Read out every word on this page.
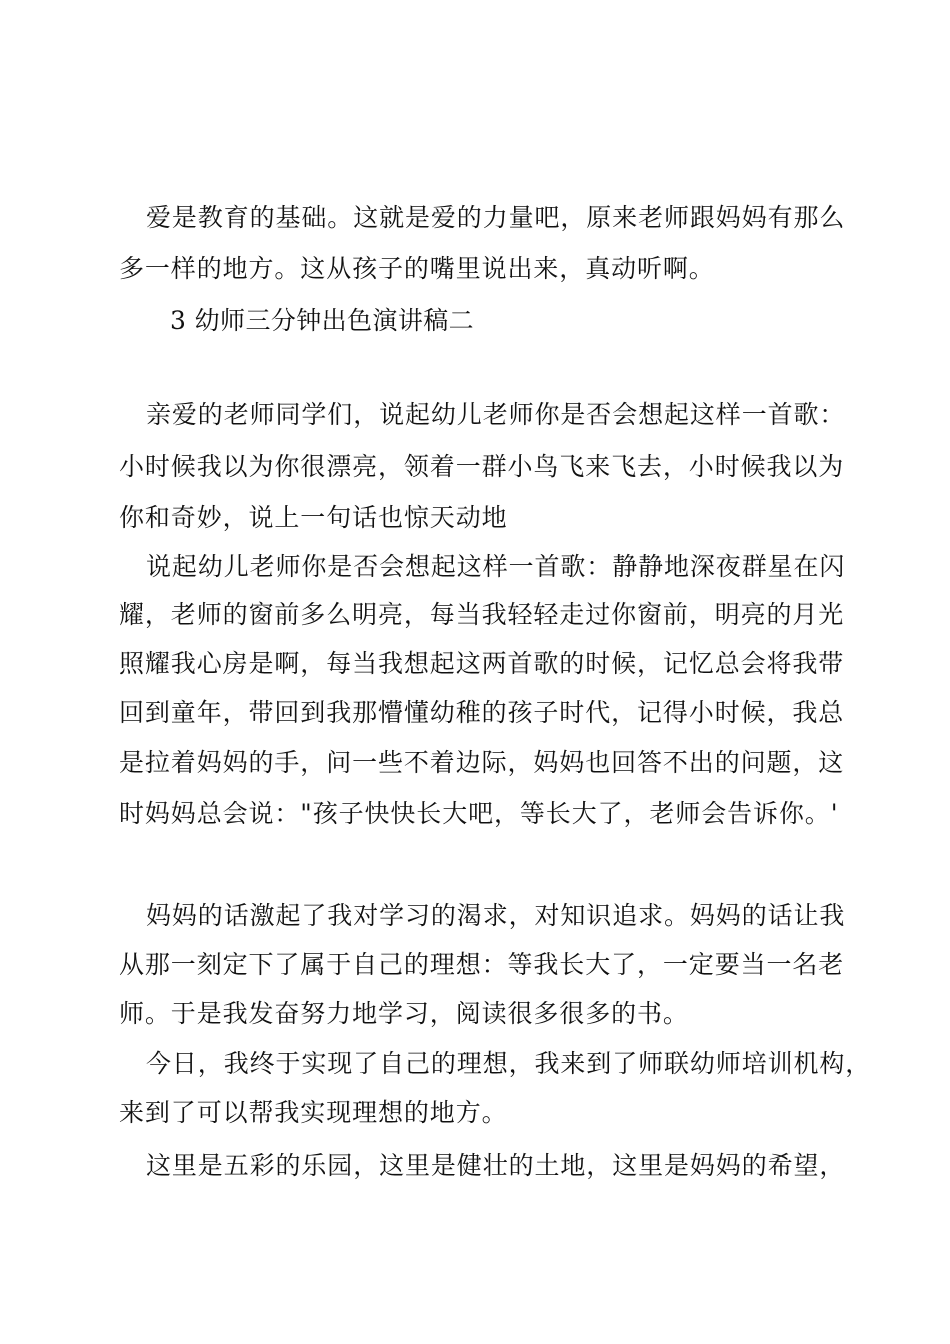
爱是教育的基础。这就是爱的力量吧，原来老师跟妈妈有那么
多一样的地方。这从孩子的嘴里说出来，真动听啊。
3 幼师三分钟出色演讲稿二
亲爱的老师同学们，说起幼儿老师你是否会想起这样一首歌：
小时候我以为你很漂亮，领着一群小鸟飞来飞去，小时候我以为
你和奇妙，说上一句话也惊天动地
说起幼儿老师你是否会想起这样一首歌：静静地深夜群星在闪
耀，老师的窗前多么明亮，每当我轻轻走过你窗前，明亮的月光
照耀我心房是啊，每当我想起这两首歌的时候，记忆总会将我带
回到童年，带回到我那懵懂幼稚的孩子时代，记得小时候，我总
是拉着妈妈的手，问一些不着边际，妈妈也回答不出的问题，这
时妈妈总会说："孩子快快长大吧，等长大了，老师会告诉你。'
妈妈的话激起了我对学习的渴求，对知识追求。妈妈的话让我
从那一刻定下了属于自己的理想：等我长大了，一定要当一名老
师。于是我发奋努力地学习，阅读很多很多的书。
今日，我终于实现了自己的理想，我来到了师联幼师培训机构，
来到了可以帮我实现理想的地方。
这里是五彩的乐园，这里是健壮的土地，这里是妈妈的希望，
